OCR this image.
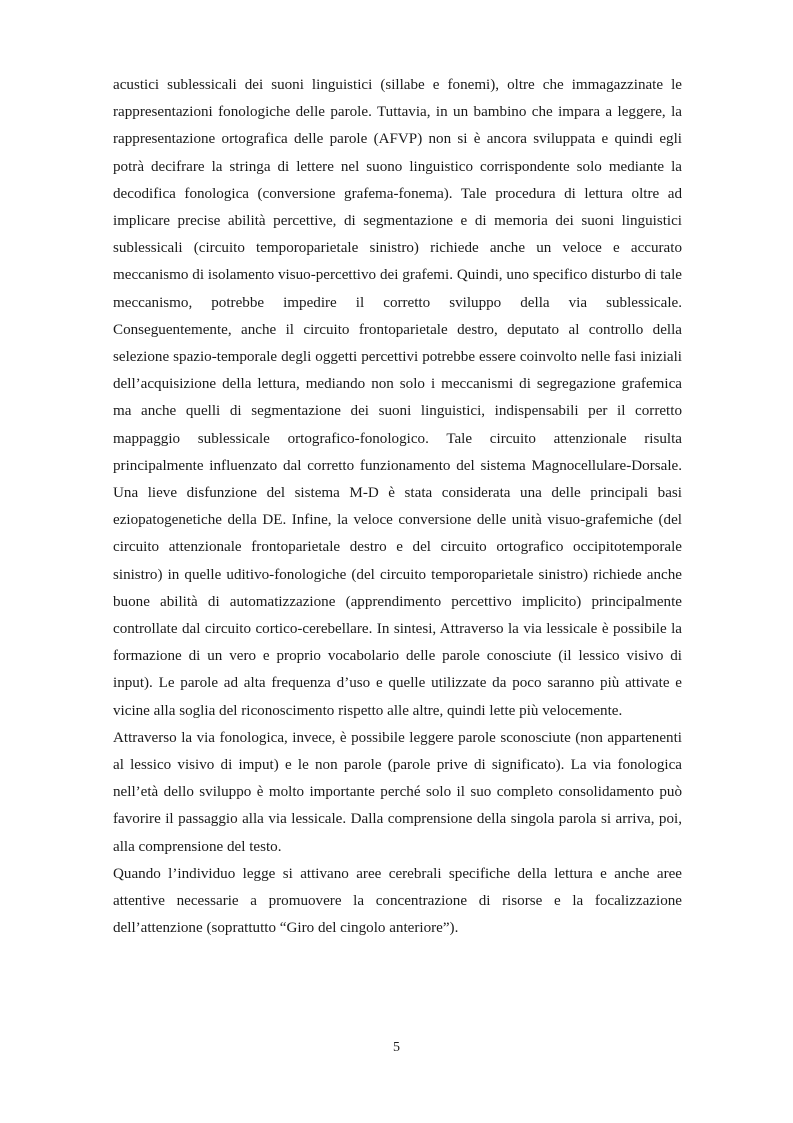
acustici sublessicali dei suoni linguistici (sillabe e fonemi), oltre che immagazzinate le rappresentazioni fonologiche delle parole. Tuttavia, in un bambino che impara a leggere, la rappresentazione ortografica delle parole (AFVP) non si è ancora sviluppata e quindi egli potrà decifrare la stringa di lettere nel suono linguistico corrispondente solo mediante la decodifica fonologica (conversione grafema-fonema). Tale procedura di lettura oltre ad implicare precise abilità percettive, di segmentazione e di memoria dei suoni linguistici sublessicali (circuito temporoparietale sinistro) richiede anche un veloce e accurato meccanismo di isolamento visuo-percettivo dei grafemi. Quindi, uno specifico disturbo di tale meccanismo, potrebbe impedire il corretto sviluppo della via sublessicale. Conseguentemente, anche il circuito frontoparietale destro, deputato al controllo della selezione spazio-temporale degli oggetti percettivi potrebbe essere coinvolto nelle fasi iniziali dell’acquisizione della lettura, mediando non solo i meccanismi di segregazione grafemica ma anche quelli di segmentazione dei suoni linguistici, indispensabili per il corretto mappaggio sublessicale ortografico-fonologico. Tale circuito attenzionale risulta principalmente influenzato dal corretto funzionamento del sistema Magnocellulare-Dorsale. Una lieve disfunzione del sistema M-D è stata considerata una delle principali basi eziopatogenetiche della DE. Infine, la veloce conversione delle unità visuo-grafemiche (del circuito attenzionale frontoparietale destro e del circuito ortografico occipitotemporale sinistro) in quelle uditivo-fonologiche (del circuito temporoparietale sinistro) richiede anche buone abilità di automatizzazione (apprendimento percettivo implicito) principalmente controllate dal circuito cortico-cerebellare. In sintesi, Attraverso la via lessicale è possibile la formazione di un vero e proprio vocabolario delle parole conosciute (il lessico visivo di input). Le parole ad alta frequenza d’uso e quelle utilizzate da poco saranno più attivate e vicine alla soglia del riconoscimento rispetto alle altre, quindi lette più velocemente.

Attraverso la via fonologica, invece, è possibile leggere parole sconosciute (non appartenenti al lessico visivo di imput) e le non parole (parole prive di significato). La via fonologica nell’età dello sviluppo è molto importante perché solo il suo completo consolidamento può favorire il passaggio alla via lessicale. Dalla comprensione della singola parola si arriva, poi, alla comprensione del testo.

Quando l’individuo legge si attivano aree cerebrali specifiche della lettura e anche aree attentive necessarie a promuovere la concentrazione di risorse e la focalizzazione dell’attenzione (soprattutto “Giro del cingolo anteriore”).

5
